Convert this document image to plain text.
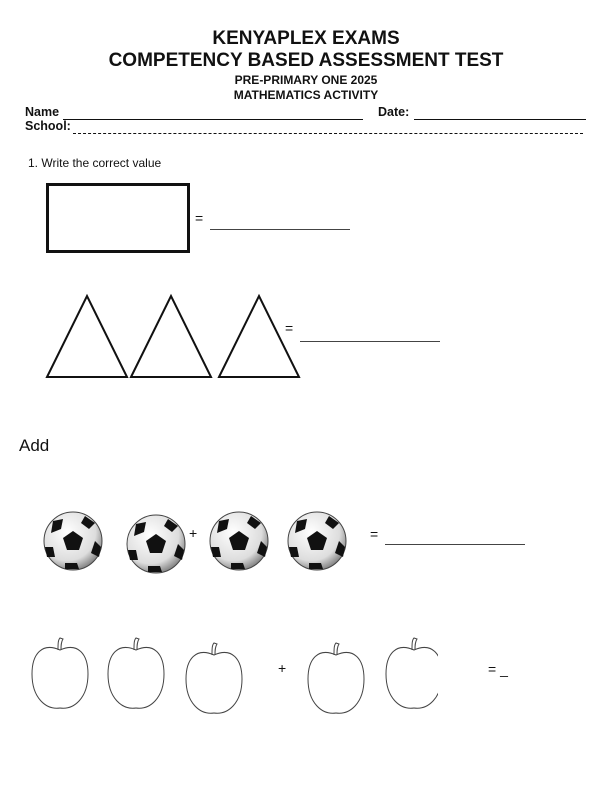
KENYAPLEX EXAMS
COMPETENCY BASED ASSESSMENT TEST
PRE-PRIMARY ONE 2025
MATHEMATICS ACTIVITY
Name	Date:
School:
1. Write the correct value
=
=
Add
+	=
+	= _
